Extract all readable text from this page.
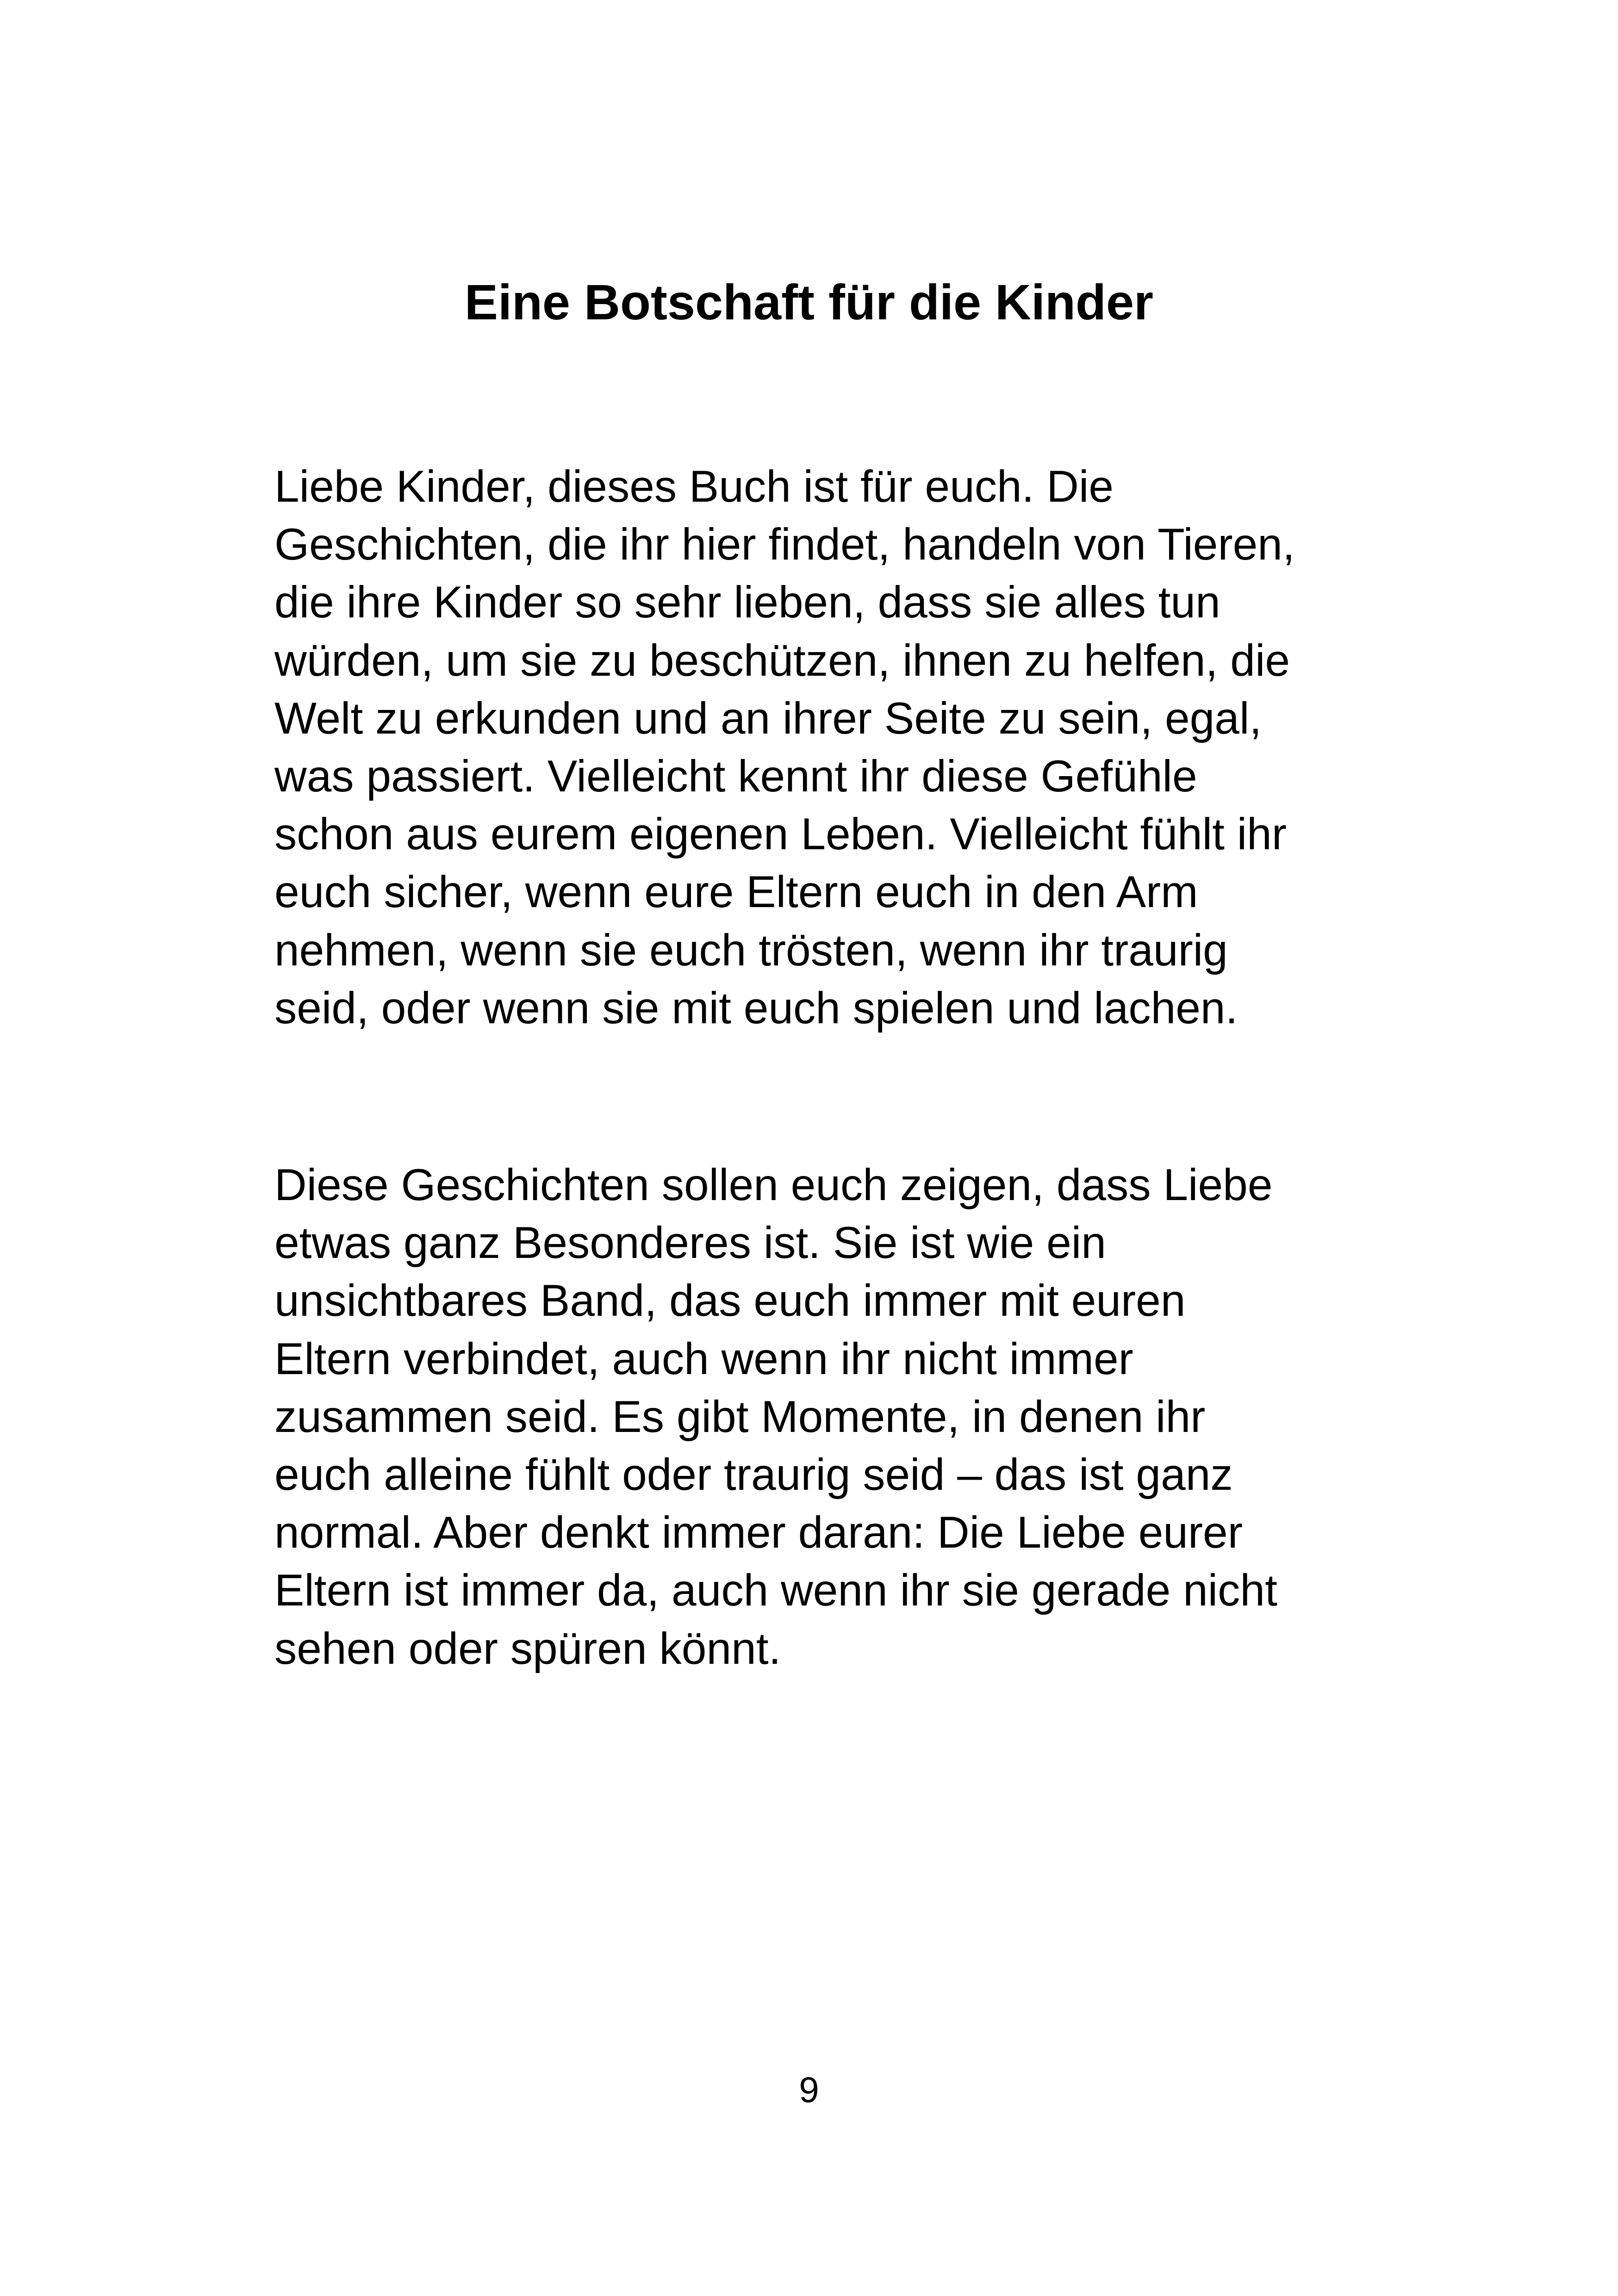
Eine Botschaft für die Kinder

Liebe Kinder, dieses Buch ist für euch. Die
Geschichten, die ihr hier findet, handeln von Tieren,
die ihre Kinder so sehr lieben, dass sie alles tun
würden, um sie zu beschützen, ihnen zu helfen, die
Welt zu erkunden und an ihrer Seite zu sein, egal,
was passiert. Vielleicht kennt ihr diese Gefühle
schon aus eurem eigenen Leben. Vielleicht fühlt ihr
euch sicher, wenn eure Eltern euch in den Arm
nehmen, wenn sie euch trösten, wenn ihr traurig
seid, oder wenn sie mit euch spielen und lachen.

Diese Geschichten sollen euch zeigen, dass Liebe
etwas ganz Besonderes ist. Sie ist wie ein
unsichtbares Band, das euch immer mit euren
Eltern verbindet, auch wenn ihr nicht immer
zusammen seid. Es gibt Momente, in denen ihr
euch alleine fühlt oder traurig seid – das ist ganz
normal. Aber denkt immer daran: Die Liebe eurer
Eltern ist immer da, auch wenn ihr sie gerade nicht
sehen oder spüren könnt.

9
